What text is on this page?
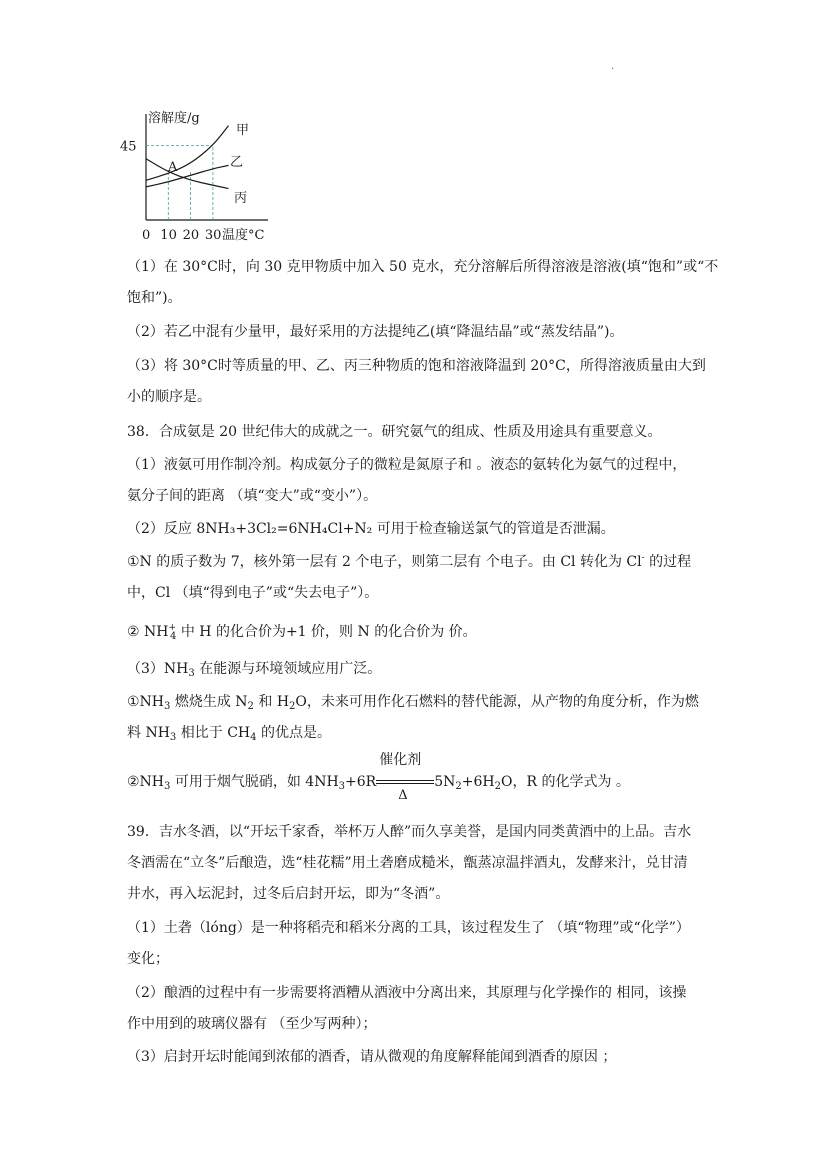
·
溶解度/g
温度°C
0 10 20 30
45
甲
乙
丙
A
（1）在 30°C时，向 30 克甲物质中加入 50 克水，充分溶解后所得溶液是溶液(填“饱和”或“不
饱和”)。
（2）若乙中混有少量甲，最好采用的方法提纯乙(填“降温结晶”或“蒸发结晶”)。
（3）将 30°C时等质量的甲、乙、丙三种物质的饱和溶液降温到 20°C，所得溶液质量由大到
小的顺序是。
38．合成氨是 20 世纪伟大的成就之一。研究氨气的组成、性质及用途具有重要意义。
（1）液氨可用作制冷剂。构成氨分子的微粒是氮原子和 。液态的氨转化为氨气的过程中，
氨分子间的距离 （填“变大”或“变小”）。
（2）反应 8NH₃+3Cl₂=6NH₄Cl+N₂ 可用于检查输送氯气的管道是否泄漏。
①N 的质子数为 7，核外第一层有 2 个电子，则第二层有 个电子。由 Cl 转化为 Cl- 的过程
中，Cl （填“得到电子”或“失去电子”）。
② $NH^+_4$ 中 H 的化合价为+1 价，则 N 的化合价为 价。
$(3)NH_3$ 在能源与环境领域应用广泛。
$①NH_3$ 燃烧生成 $N_2$ 和 $H_2O$，未来可用作化石燃料的替代能源，从产物的角度分析，作为燃
料 $NH_3$ 相比于 $CH_4$ 的优点是。
$②NH_3$ 可用于烟气脱硝，如 $4NH_3+6R$
催化剂
Δ
$5N_2+6H_2O$，R 的化学式为 。
39．吉水冬酒，以“开坛千家香，举杯万人醉”而久享美誉，是国内同类黄酒中的上品。吉水
冬酒需在“立冬”后酿造，选“桂花糯”用土砻磨成糙米，甑蒸凉温拌酒丸，发酵来汁，兑甘清
井水，再入坛泥封，过冬后启封开坛，即为“冬酒”。
（1）土砻（lóng）是一种将稻壳和稻米分离的工具，该过程发生了 （填“物理”或“化学”）
变化；
（2）酿酒的过程中有一步需要将酒糟从酒液中分离出来，其原理与化学操作的 相同，该操
作中用到的玻璃仪器有 （至少写两种）；
（3）启封开坛时能闻到浓郁的酒香，请从微观的角度解释能闻到酒香的原因 ；
